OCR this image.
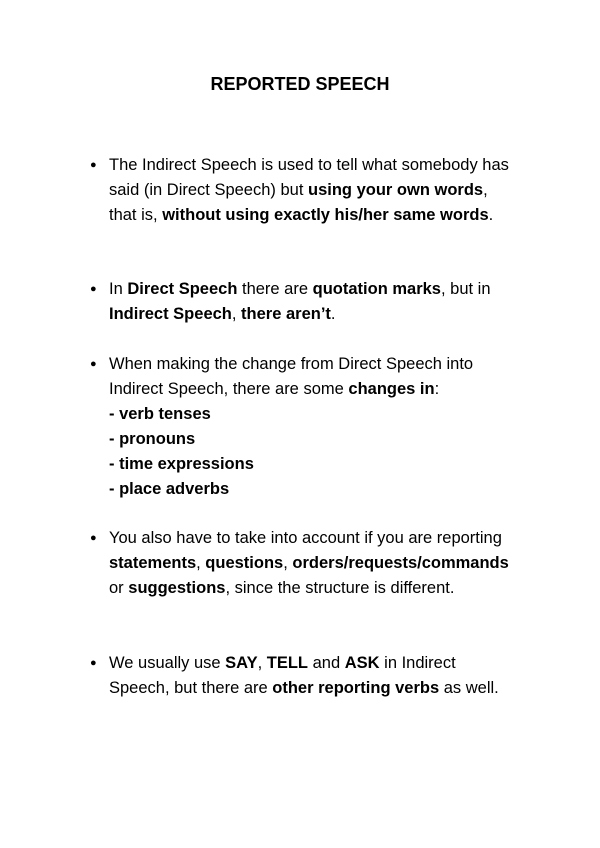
REPORTED SPEECH
● The Indirect Speech is used to tell what somebody has said (in Direct Speech) but using your own words, that is, without using exactly his/her same words.
● In Direct Speech there are quotation marks, but in Indirect Speech, there aren’t.
● When making the change from Direct Speech into Indirect Speech, there are some changes in:
- verb tenses
- pronouns
- time expressions
- place adverbs
● You also have to take into account if you are reporting statements, questions, orders/requests/commands or suggestions, since the structure is different.
● We usually use SAY, TELL and ASK in Indirect Speech, but there are other reporting verbs as well.
